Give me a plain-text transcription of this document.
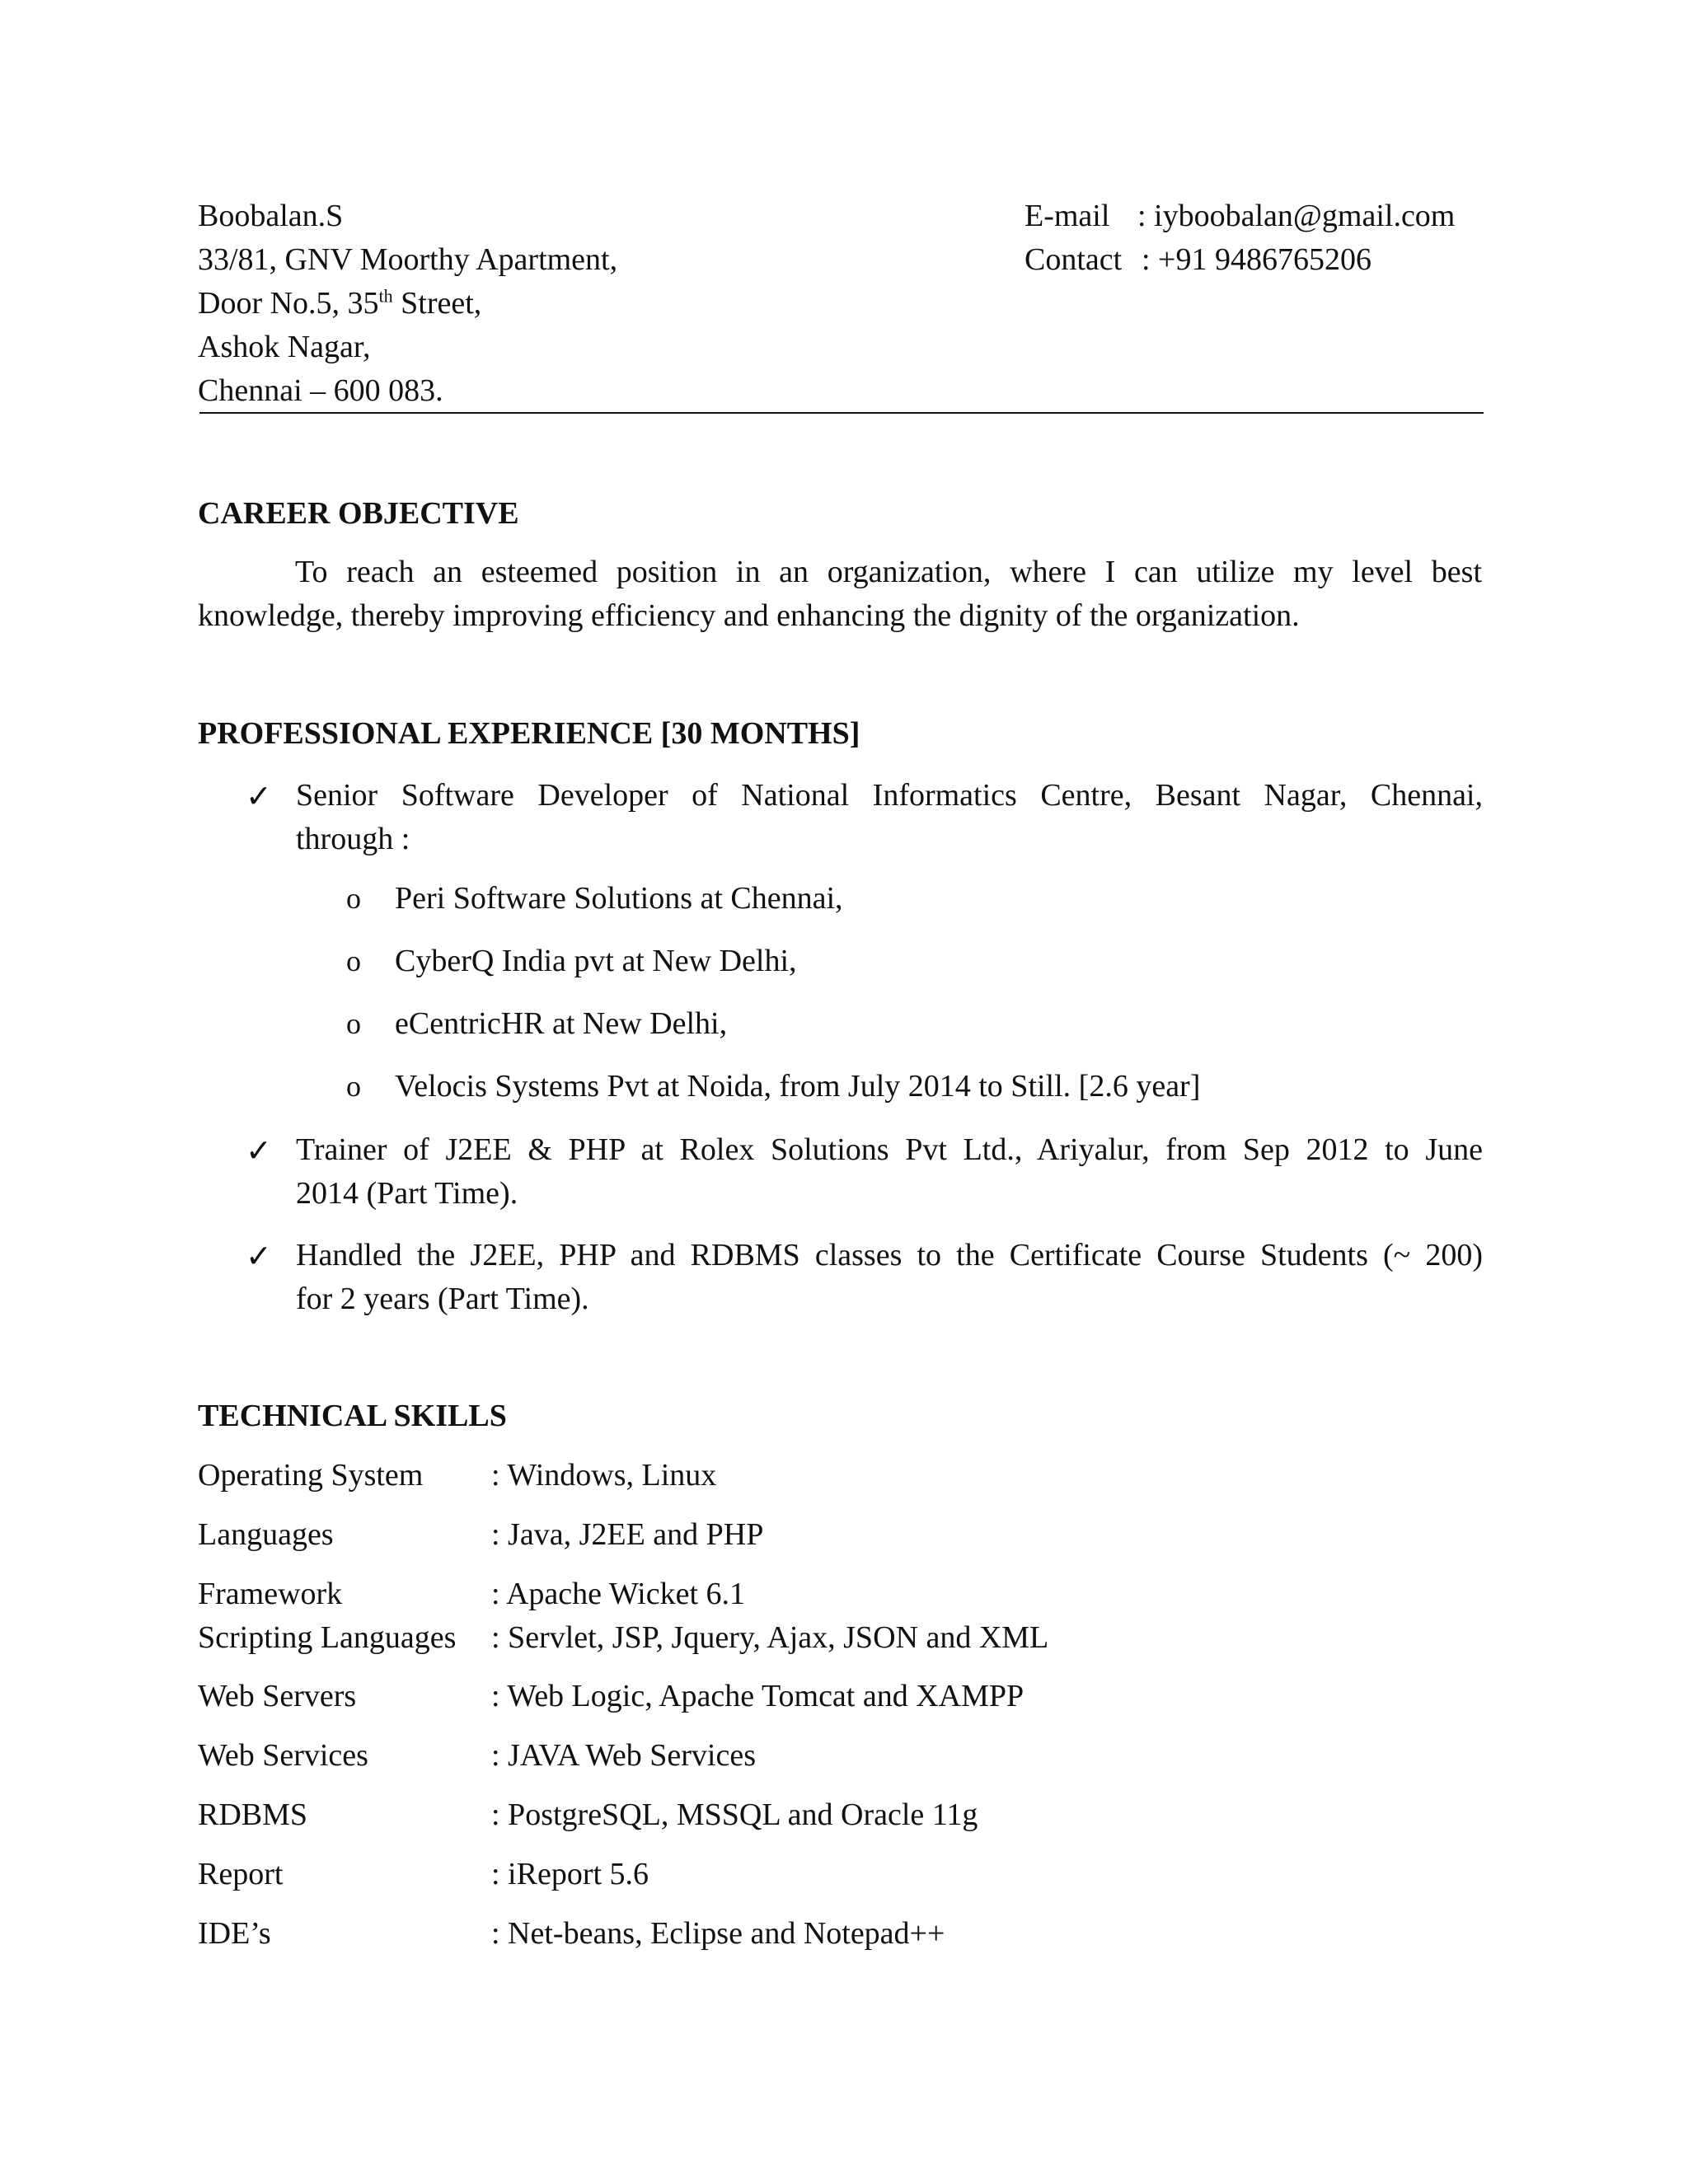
Boobalan.S
33/81, GNV Moorthy Apartment,
Door No.5, 35th Street,
Ashok Nagar,
Chennai – 600 083.
E-mail : iyboobalan@gmail.com
Contact : +91 9486765206
CAREER OBJECTIVE
To reach an esteemed position in an organization, where I can utilize my level best
knowledge, thereby improving efficiency and enhancing the dignity of the organization.
PROFESSIONAL EXPERIENCE [30 MONTHS]
✓ Senior Software Developer of National Informatics Centre, Besant Nagar, Chennai,
through :
o Peri Software Solutions at Chennai,
o CyberQ India pvt at New Delhi,
o eCentricHR at New Delhi,
o Velocis Systems Pvt at Noida, from July 2014 to Still. [2.6 year]
✓ Trainer of J2EE & PHP at Rolex Solutions Pvt Ltd., Ariyalur, from Sep 2012 to June
2014 (Part Time).
✓ Handled the J2EE, PHP and RDBMS classes to the Certificate Course Students (~ 200)
for 2 years (Part Time).
TECHNICAL SKILLS
Operating System : Windows, Linux
Languages	: Java, J2EE and PHP
Framework	: Apache Wicket 6.1
Scripting Languages : Servlet, JSP, Jquery, Ajax, JSON and XML
Web Servers	: Web Logic, Apache Tomcat and XAMPP
Web Services	: JAVA Web Services
RDBMS	: PostgreSQL, MSSQL and Oracle 11g
Report	: iReport 5.6
IDE’s	: Net-beans, Eclipse and Notepad++
